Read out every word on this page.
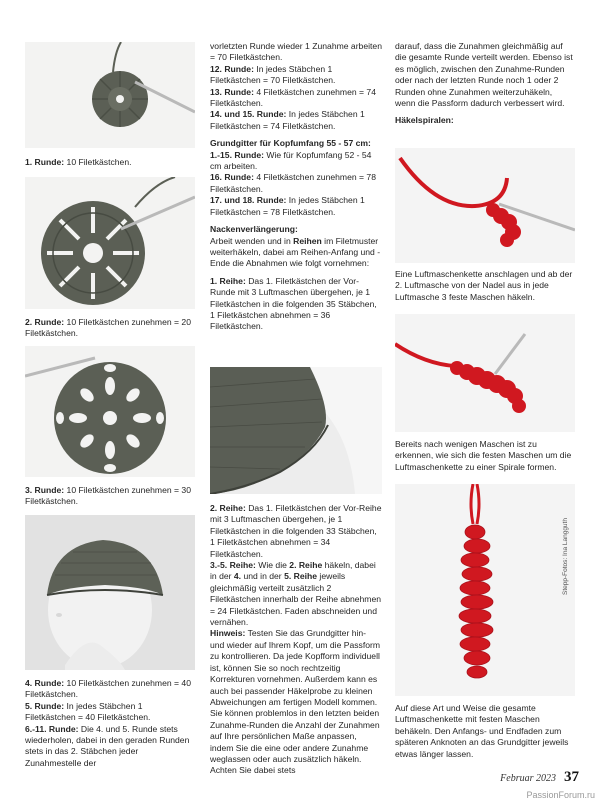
1. Runde: 10 Filetkästchen.

2. Runde: 10 Filetkästchen zunehmen = 20 Filetkästchen.

3. Runde: 10 Filetkästchen zunehmen = 30 Filetkästchen.

4. Runde: 10 Filetkästchen zunehmen = 40 Filetkästchen.

5. Runde: In jedes Stäbchen 1 Filetkästchen = 40 Filetkästchen.

6.-11. Runde: Die 4. und 5. Runde stets wiederholen, dabei in den geraden Runden stets in das 2. Stäbchen jeder Zunahmestelle der

vorletzten Runde wieder 1 Zunahme arbeiten = 70 Filetkästchen.

12. Runde: In jedes Stäbchen 1 Filetkästchen = 70 Filetkästchen.

13. Runde: 4 Filetkästchen zunehmen = 74 Filetkästchen.

14. und 15. Runde: In jedes Stäbchen 1 Filetkästchen = 74 Filetkästchen.

Grundgitter für Kopfumfang 55 - 57 cm:

1.-15. Runde: Wie für Kopfumfang 52 - 54 cm arbeiten.

16. Runde: 4 Filetkästchen zunehmen = 78 Filetkästchen.

17. und 18. Runde: In jedes Stäbchen 1 Filetkästchen = 78 Filetkästchen.

Nackenverlängerung:

Arbeit wenden und in Reihen im Filetmuster weiterhäkeln, dabei am Reihen-Anfang und -Ende die Abnahmen wie folgt vornehmen:

1. Reihe: Das 1. Filetkästchen der Vor-Runde mit 3 Luftmaschen übergehen, je 1 Filetkästchen in die folgenden 35 Stäbchen, 1 Filetkästchen abnehmen = 36 Filetkästchen.

2. Reihe: Das 1. Filetkästchen der Vor-Reihe mit 3 Luftmaschen übergehen, je 1 Filetkästchen in die folgenden 33 Stäbchen, 1 Filetkästchen abnehmen = 34 Filetkästchen.

3.-5. Reihe: Wie die 2. Reihe häkeln, dabei in der 4. und in der 5. Reihe jeweils gleichmäßig verteilt zusätzlich 2 Filetkästchen innerhalb der Reihe abnehmen = 24 Filetkästchen. Faden abschneiden und vernähen.

Hinweis: Testen Sie das Grundgitter hin- und wieder auf Ihrem Kopf, um die Passform zu kontrollieren. Da jede Kopfform individuell ist, können Sie so noch rechtzeitig Korrekturen vornehmen. Außerdem kann es auch bei passender Häkelprobe zu kleinen Abweichungen am fertigen Modell kommen. Sie können problemlos in den letzten beiden Zunahme-Runden die Anzahl der Zunahmen auf Ihre persönlichen Maße anpassen, indem Sie die eine oder andere Zunahme weglassen oder auch zusätzlich häkeln. Achten Sie dabei stets

darauf, dass die Zunahmen gleichmäßig auf die gesamte Runde verteilt werden. Ebenso ist es möglich, zwischen den Zunahme-Runden oder nach der letzten Runde noch 1 oder 2 Runden ohne Zunahmen weiterzuhäkeln, wenn die Passform dadurch verbessert wird.

Häkelspiralen:

Eine Luftmaschenkette anschlagen und ab der 2. Luftmasche von der Nadel aus in jede Luftmasche 3 feste Maschen häkeln.

Bereits nach wenigen Maschen ist zu erkennen, wie sich die festen Maschen um die Luftmaschenkette zu einer Spirale formen.

Stepp-Fotos: Ina Langguth

Auf diese Art und Weise die gesamte Luftmaschenkette mit festen Maschen behäkeln. Den Anfangs- und Endfaden zum späteren Anknoten an das Grundgitter jeweils etwas länger lassen.

Februar 2023 37
PassionForum.ru
